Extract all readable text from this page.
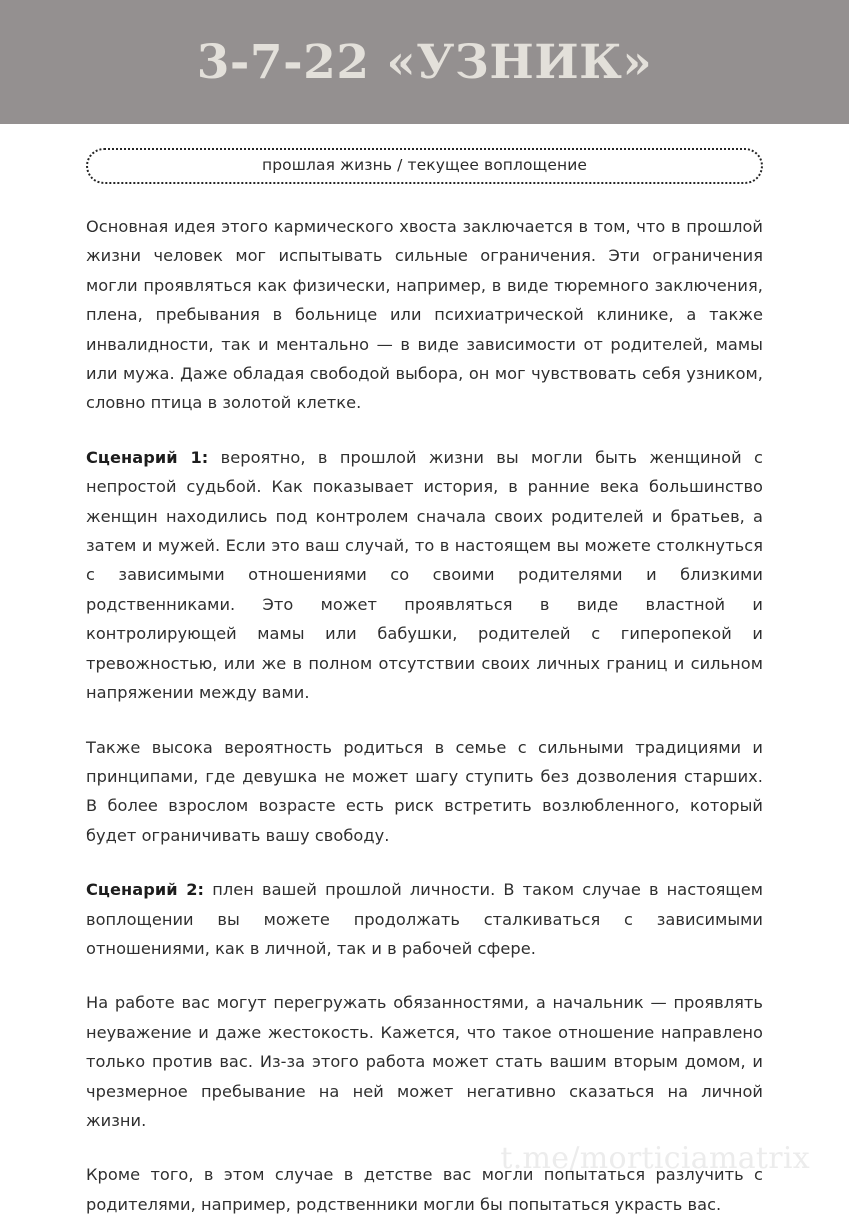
3-7-22 «УЗНИК»
прошлая жизнь / текущее воплощение

Основная идея этого кармического хвоста заключается в том, что в прошлой жизни человек мог испытывать сильные ограничения. Эти ограничения могли проявляться как физически, например, в виде тюремного заключения, плена, пребывания в больнице или психиатрической клинике, а также инвалидности, так и ментально — в виде зависимости от родителей, мамы или мужа. Даже обладая свободой выбора, он мог чувствовать себя узником, словно птица в золотой клетке.

Сценарий 1: вероятно, в прошлой жизни вы могли быть женщиной с непростой судьбой. Как показывает история, в ранние века большинство женщин находились под контролем сначала своих родителей и братьев, а затем и мужей. Если это ваш случай, то в настоящем вы можете столкнуться с зависимыми отношениями со своими родителями и близкими родственниками. Это может проявляться в виде властной и контролирующей мамы или бабушки, родителей с гиперопекой и тревожностью, или же в полном отсутствии своих личных границ и сильном напряжении между вами.

Также высока вероятность родиться в семье с сильными традициями и принципами, где девушка не может шагу ступить без дозволения старших. В более взрослом возрасте есть риск встретить возлюбленного, который будет ограничивать вашу свободу.

Сценарий 2: плен вашей прошлой личности. В таком случае в настоящем воплощении вы можете продолжать сталкиваться с зависимыми отношениями, как в личной, так и в рабочей сфере.

На работе вас могут перегружать обязанностями, а начальник — проявлять неуважение и даже жестокость. Кажется, что такое отношение направлено только против вас. Из-за этого работа может стать вашим вторым домом, и чрезмерное пребывание на ней может негативно сказаться на личной жизни.

Кроме того, в этом случае в детстве вас могли попытаться разлучить с родителями, например, родственники могли бы попытаться украсть вас.

t.me/morticiamatrix
